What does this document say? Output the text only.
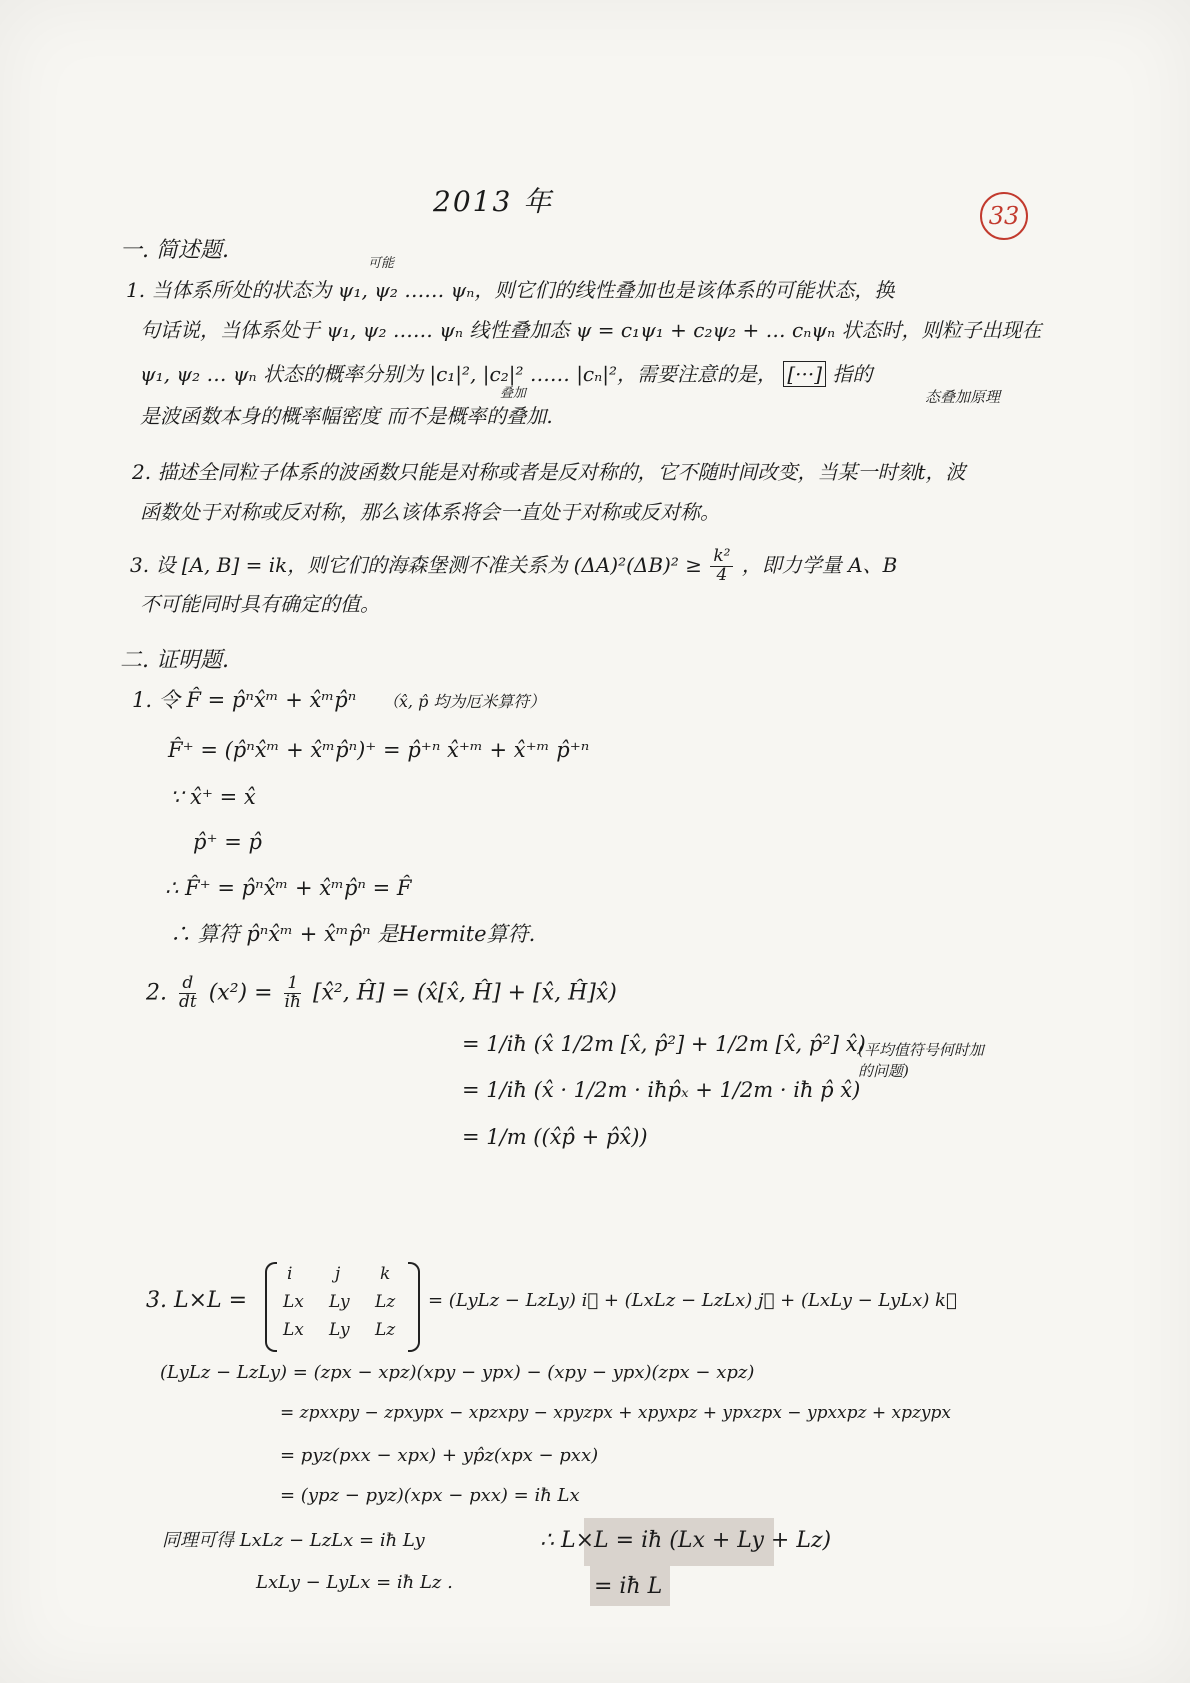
2013 年	33
一. 简述题.
可能
1. 当体系所处的状态为 ψ₁, ψ₂ …… ψₙ，则它们的线性叠加也是该体系的可能状态，换
句话说，当体系处于 ψ₁, ψ₂ …… ψₙ 线性叠加态 ψ = c₁ψ₁ + c₂ψ₂ + … cₙψₙ 状态时，则粒子出现在
ψ₁, ψ₂ … ψₙ 状态的概率分别为 |c₁|², |c₂|² …… |cₙ|²，需要注意的是， [···] 指的
态叠加原理
叠加
是波函数本身的概率幅密度 而不是概率的叠加.
2. 描述全同粒子体系的波函数只能是对称或者是反对称的，它不随时间改变，当某一时刻t，波
函数处于对称或反对称，那么该体系将会一直处于对称或反对称。
3. 设 [A, B] = ik，则它们的海森堡测不准关系为 $(\Delta A)^2(\Delta B)^2 \ge \frac{\text{k²}}{4}$ ，即力学量 A、B
不可能同时具有确定的值。
二. 证明题.
1. 令 F̂ = p̂ⁿx̂ᵐ + x̂ᵐp̂ⁿ （x̂, p̂ 均为厄米算符）
F̂⁺ = (p̂ⁿx̂ᵐ + x̂ᵐp̂ⁿ)⁺ = p̂⁺ⁿ x̂⁺ᵐ + x̂⁺ᵐ p̂⁺ⁿ
∵ x̂⁺ = x̂
p̂⁺ = p̂
∴ F̂⁺ = p̂ⁿx̂ᵐ + x̂ᵐp̂ⁿ = F̂
∴ 算符 p̂ⁿx̂ᵐ + x̂ᵐp̂ⁿ 是Hermite算符.
2. $\frac{d}{dt} (x^2) = \frac{1}{iħ}$ [x̂², Ĥ] = (x̂[x̂, Ĥ] + [x̂, Ĥ]x̂)
= 1/iħ (x̂ 1/2m [x̂, p̂²] + 1/2m [x̂, p̂²] x̂)
= 1/iħ (x̂ · 1/2m · iħp̂ₓ + 1/2m · iħ p̂ x̂)
= 1/m ((x̂p̂ + p̂x̂))
(平均值符号何时加
的问题)
3. L×L =
i	j k
Lx Ly Lz
Lx Ly Lz
= (LyLz − LzLy) i⃗ + (LxLz − LzLx) j⃗ + (LxLy − LyLx) k⃗
(LyLz − LzLy) = (zpx − xpz)(xpy − ypx) − (xpy − ypx)(zpx − xpz)
= zpxxpy − zpxypx − xpzxpy − xpyzpx + xpyxpz + ypxzpx − ypxxpz + xpzypx
= pyz(pxx − xpx) + yp̂z(xpx − pxx)
= (ypz − pyz)(xpx − pxx) = iħ Lx
同理可得 LxLz − LzLx = iħ Ly
LxLy − LyLx = iħ Lz .
∴ L×L = iħ (Lx + Ly + Lz)
= iħ L
